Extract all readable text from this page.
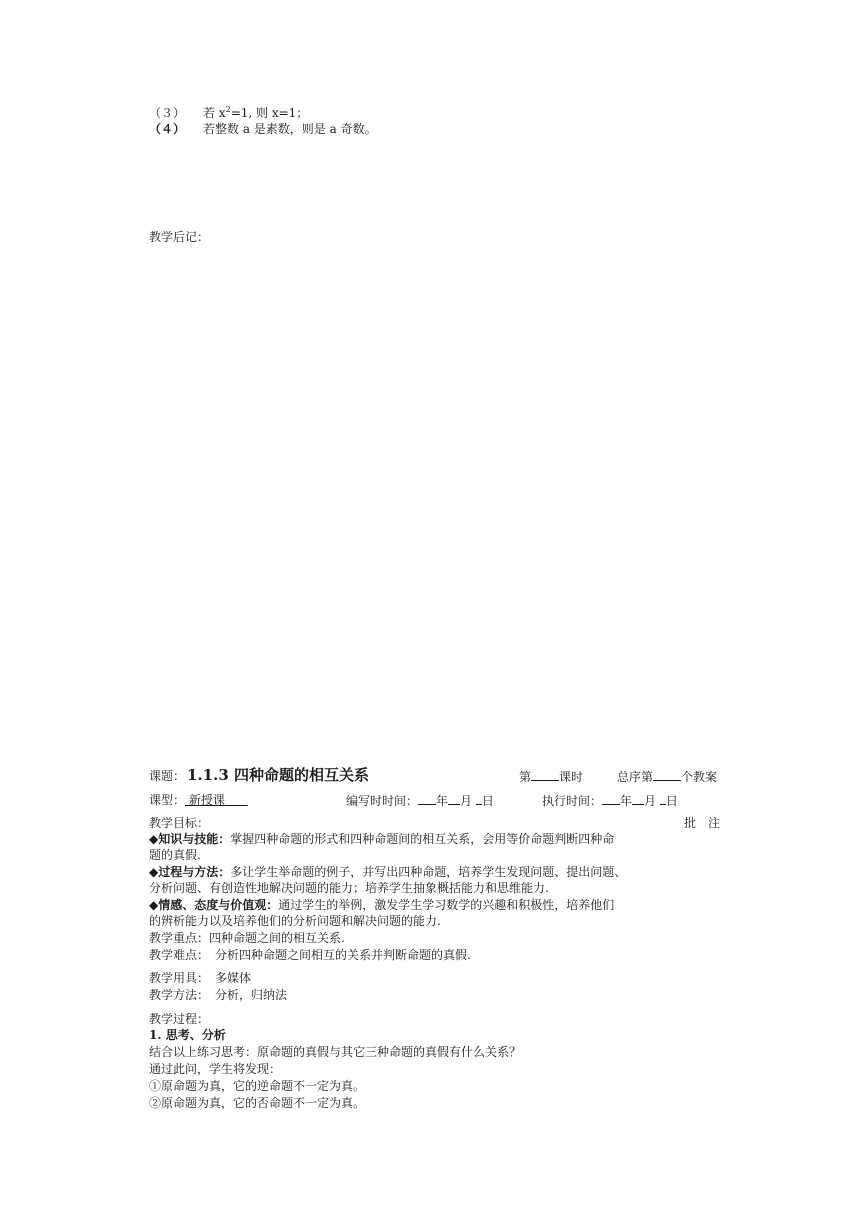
（３） 若 $x^2=1$, 则 x=1；
（４） 若整数 a 是素数，则是 a 奇数。
教学后记：
课题： 1.1.3 四种命题的相互关系	第 课时	总序第 个教案
课型： 新授课	编写时时间： 年 月 日	执行时间： 年 月 日
教学目标：	批　注
◆知识与技能：掌握四种命题的形式和四种命题间的相互关系，会用等价命题判断四种命
题的真假.
◆过程与方法：多让学生举命题的例子，并写出四种命题，培养学生发现问题、提出问题、
分析问题、有创造性地解决问题的能力；培养学生抽象概括能力和思维能力.
◆情感、态度与价值观：通过学生的举例，激发学生学习数学的兴趣和积极性，培养他们
的辨析能力以及培养他们的分析问题和解决问题的能力.
教学重点：四种命题之间的相互关系.
教学难点：　分析四种命题之间相互的关系并判断命题的真假.
教学用具：　多媒体
教学方法：　分析，归纳法
教学过程：
1. 思考、分析
结合以上练习思考：原命题的真假与其它三种命题的真假有什么关系？
通过此问，学生将发现：
①原命题为真，它的逆命题不一定为真。
②原命题为真，它的否命题不一定为真。
